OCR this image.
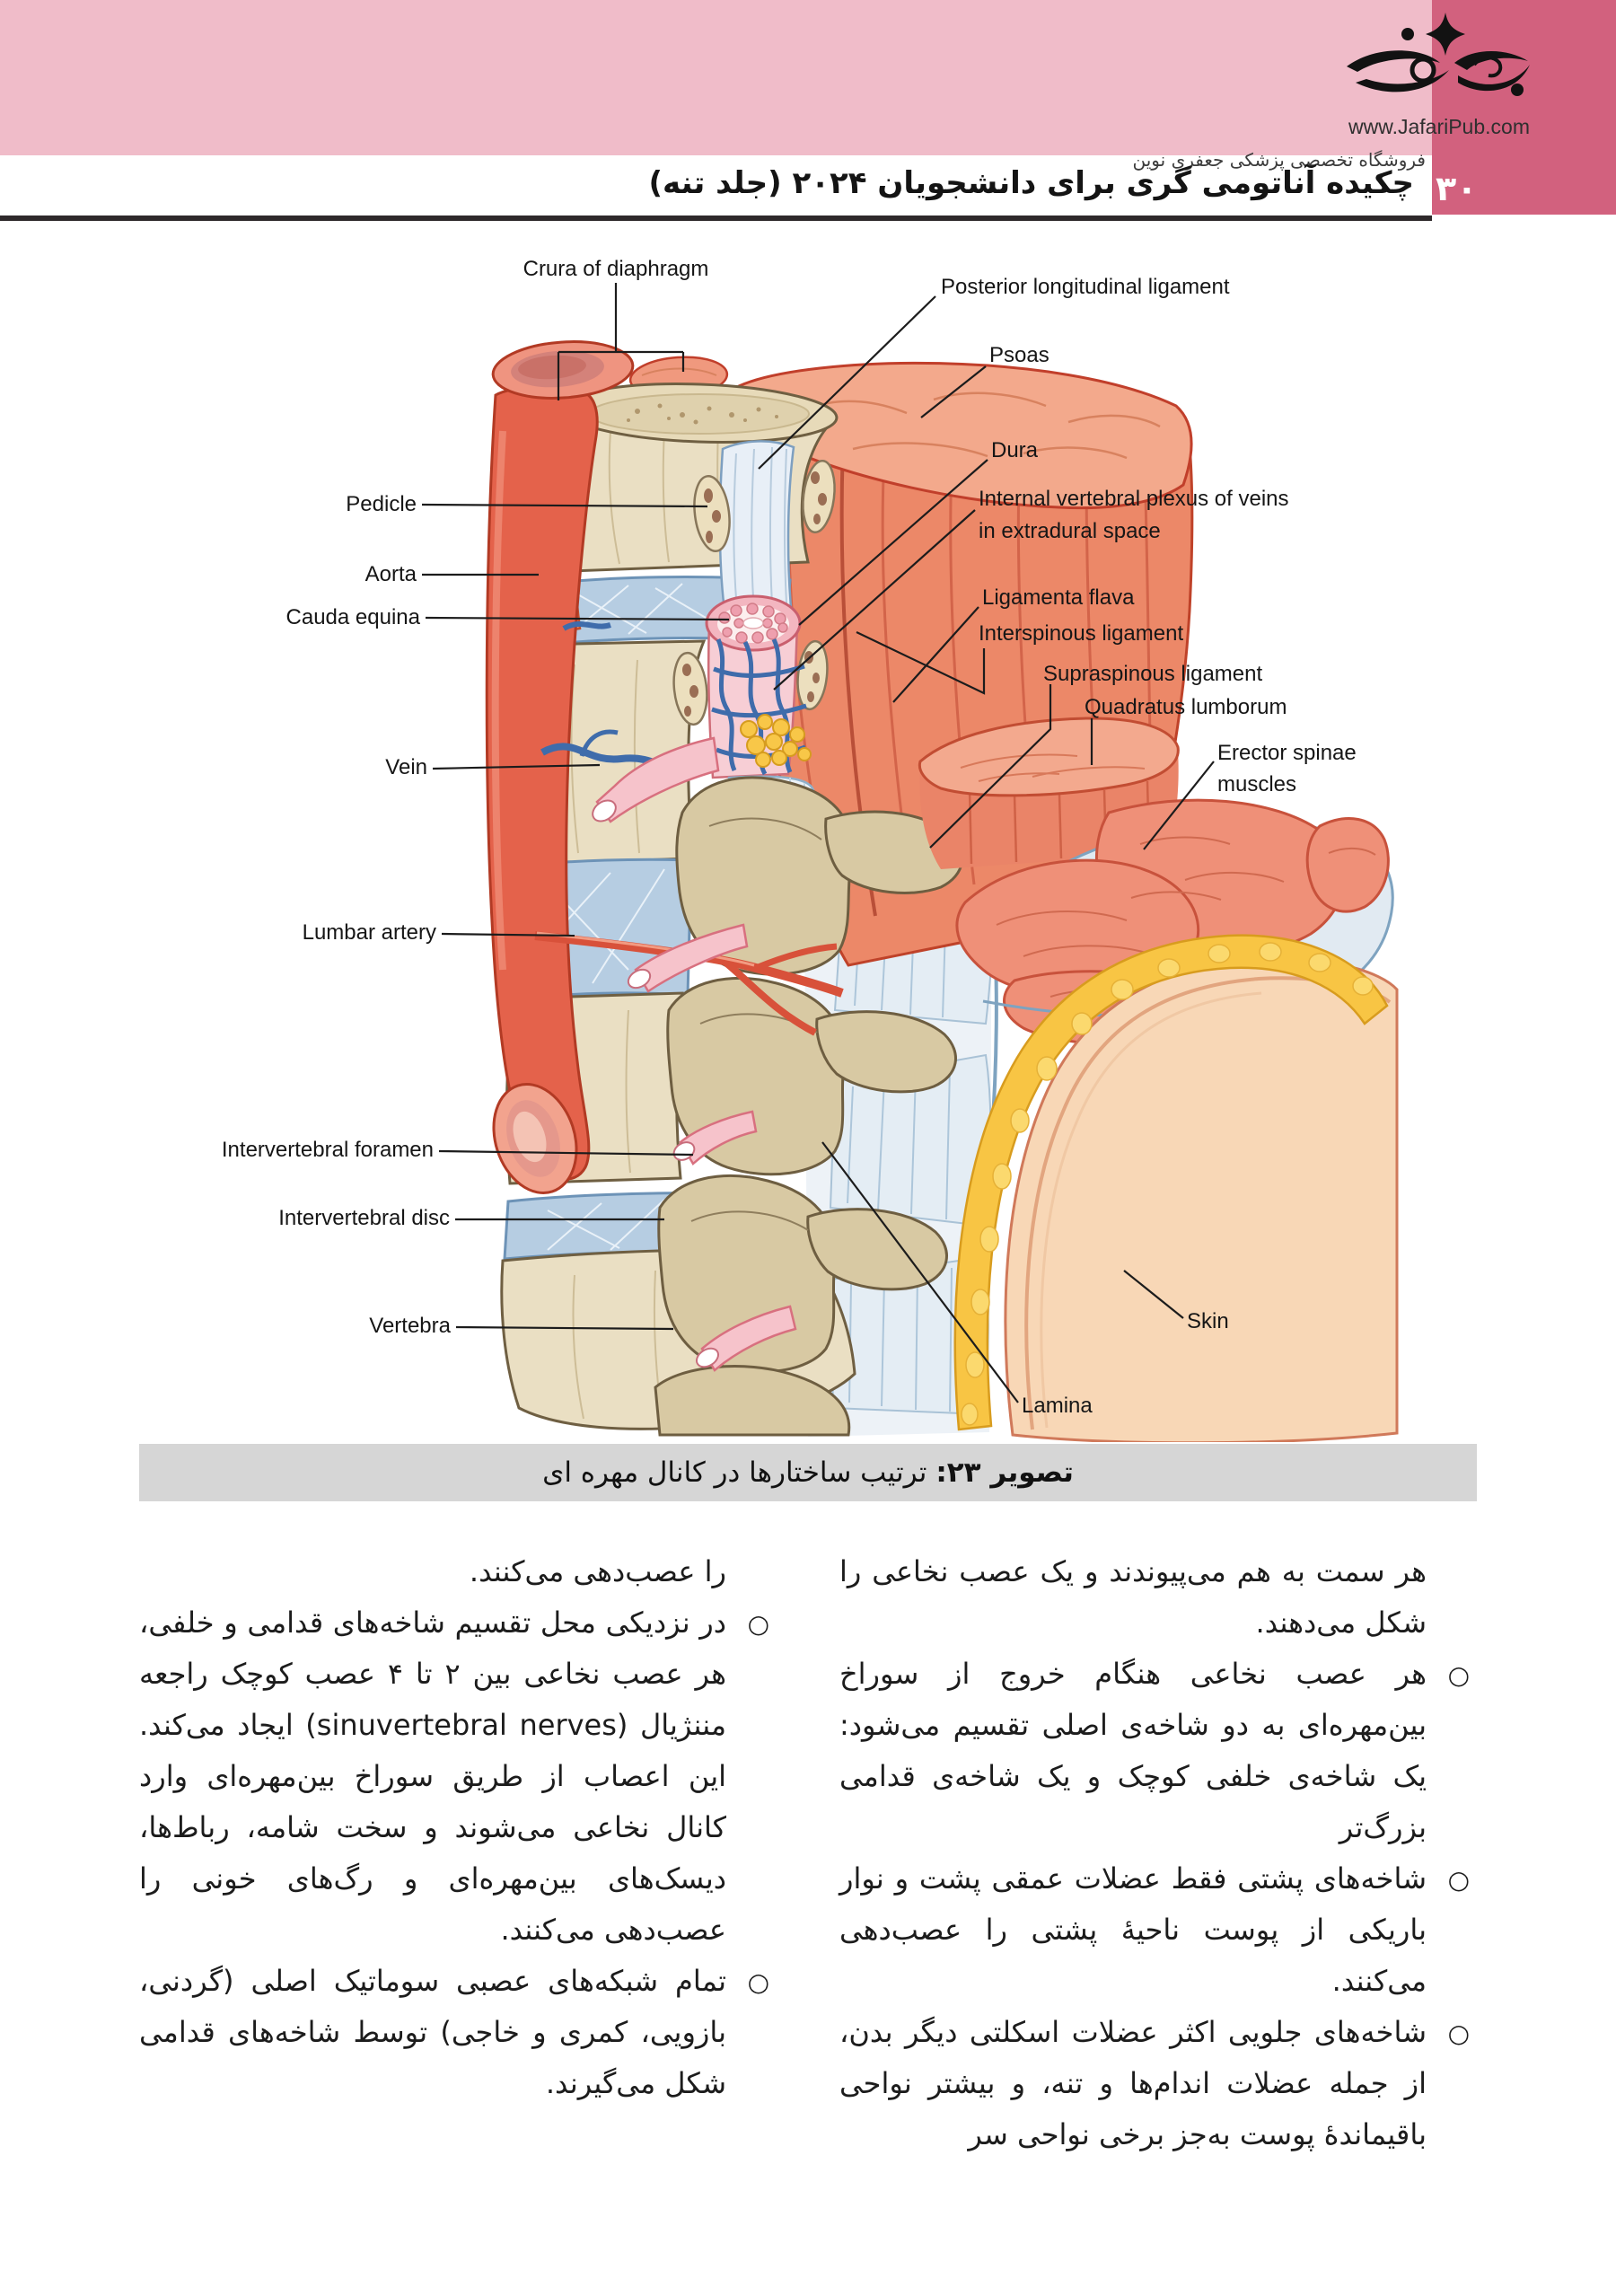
www.JafariPub.com
فروشگاه تخصصی پزشکی جعفری نوین
چکیده آناتومی گری برای دانشجویان ۲۰۲۴ (جلد تنه) ۳۰
Crura of diaphragm
Posterior longitudinal ligament
Psoas
Dura
Internal vertebral plexus of veins
in extradural space
Ligamenta flava
Interspinous ligament
Supraspinous ligament
Quadratus lumborum
Erector spinae
muscles
Pedicle
Aorta
Cauda equina
Vein
Lumbar artery
Intervertebral foramen
Intervertebral disc
Vertebra	Skin
Lamina
تصویر ۲۳:
ترتیب ساختارها در کانال مهره ای

هر سمت به هم می‌پیوندند و یک عصب نخاعی را شکل می‌دهند.

○
هر عصب نخاعی هنگام خروج از سوراخ بین‌مهره‌ای به دو شاخه‌ی اصلی تقسیم می‌شود: یک شاخه‌ی خلفی کوچک و یک شاخه‌ی قدامی بزرگ‌تر

○
شاخه‌های پشتی فقط عضلات عمقی پشت و نوار باریکی از پوست ناحیهٔ پشتی را عصب‌دهی می‌کنند.

○
شاخه‌های جلویی اکثر عضلات اسکلتی دیگر بدن، از جمله عضلات اندام‌ها و تنه، و بیشتر نواحی باقیماندهٔ پوست به‌جز برخی نواحی سر

را عصب‌دهی می‌کنند.

○
در نزدیکی محل تقسیم شاخه‌های قدامی و خلفی، هر عصب نخاعی بین ۲ تا ۴ عصب کوچک راجعه مننژیال (sinuvertebral nerves) ایجاد می‌کند. این اعصاب از طریق سوراخ بین‌مهره‌ای وارد کانال نخاعی می‌شوند و سخت شامه، رباط‌ها، دیسک‌های بین‌مهره‌ای و رگ‌های خونی را عصب‌دهی می‌کنند.

○
تمام شبکه‌های عصبی سوماتیک اصلی (گردنی، بازویی، کمری و خاجی) توسط شاخه‌های قدامی شکل می‌گیرند.
